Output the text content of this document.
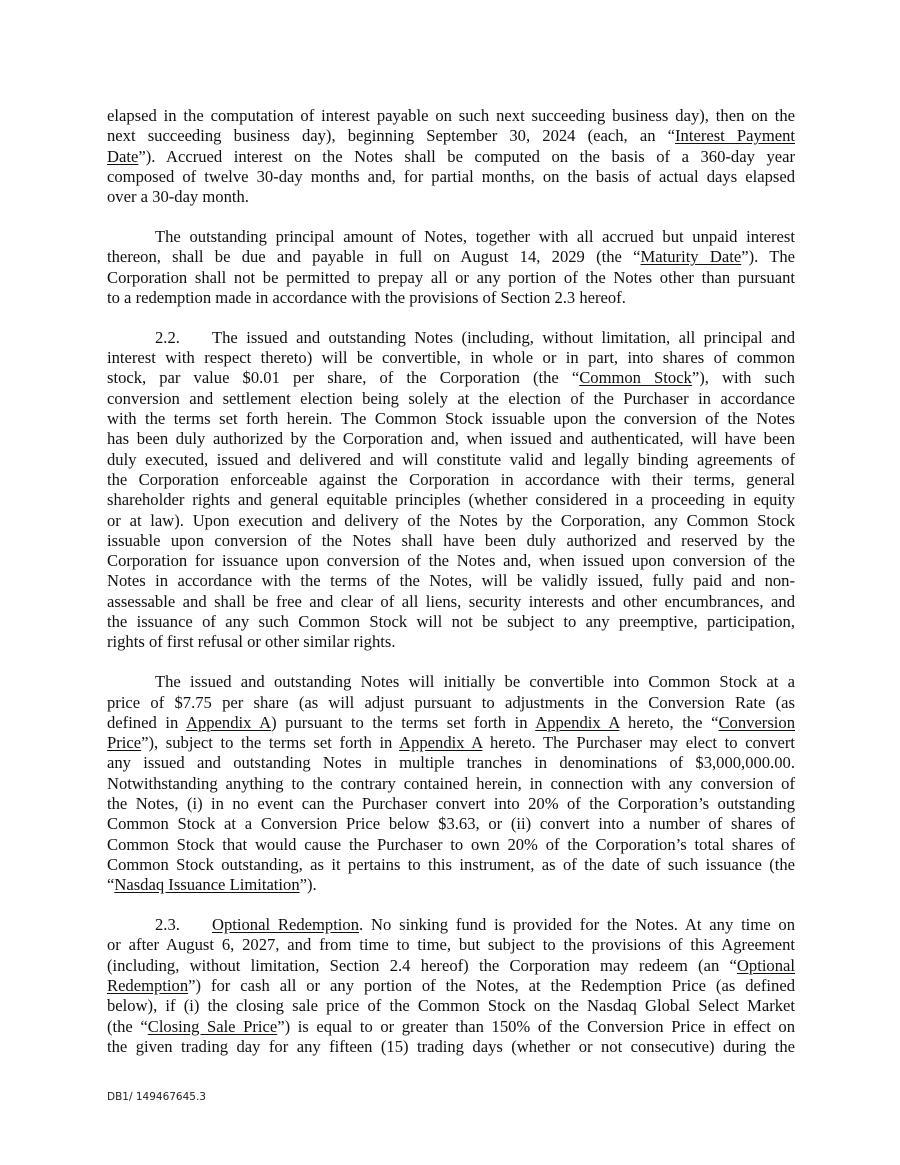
elapsed in the computation of interest payable on such next succeeding business day), then on the
next succeeding business day), beginning September 30, 2024 (each, an “Interest Payment
Date”). Accrued interest on the Notes shall be computed on the basis of a 360-day year
composed of twelve 30-day months and, for partial months, on the basis of actual days elapsed
over a 30-day month.
The outstanding principal amount of Notes, together with all accrued but unpaid interest
thereon, shall be due and payable in full on August 14, 2029 (the “Maturity Date”). The
Corporation shall not be permitted to prepay all or any portion of the Notes other than pursuant
to a redemption made in accordance with the provisions of Section 2.3 hereof.
2.2. The issued and outstanding Notes (including, without limitation, all principal and
interest with respect thereto) will be convertible, in whole or in part, into shares of common
stock, par value $0.01 per share, of the Corporation (the “Common Stock”), with such
conversion and settlement election being solely at the election of the Purchaser in accordance
with the terms set forth herein. The Common Stock issuable upon the conversion of the Notes
has been duly authorized by the Corporation and, when issued and authenticated, will have been
duly executed, issued and delivered and will constitute valid and legally binding agreements of
the Corporation enforceable against the Corporation in accordance with their terms, general
shareholder rights and general equitable principles (whether considered in a proceeding in equity
or at law). Upon execution and delivery of the Notes by the Corporation, any Common Stock
issuable upon conversion of the Notes shall have been duly authorized and reserved by the
Corporation for issuance upon conversion of the Notes and, when issued upon conversion of the
Notes in accordance with the terms of the Notes, will be validly issued, fully paid and non-
assessable and shall be free and clear of all liens, security interests and other encumbrances, and
the issuance of any such Common Stock will not be subject to any preemptive, participation,
rights of first refusal or other similar rights.
The issued and outstanding Notes will initially be convertible into Common Stock at a
price of $7.75 per share (as will adjust pursuant to adjustments in the Conversion Rate (as
defined in Appendix A) pursuant to the terms set forth in Appendix A hereto, the “Conversion
Price”), subject to the terms set forth in Appendix A hereto. The Purchaser may elect to convert
any issued and outstanding Notes in multiple tranches in denominations of $3,000,000.00.
Notwithstanding anything to the contrary contained herein, in connection with any conversion of
the Notes, (i) in no event can the Purchaser convert into 20% of the Corporation’s outstanding
Common Stock at a Conversion Price below $3.63, or (ii) convert into a number of shares of
Common Stock that would cause the Purchaser to own 20% of the Corporation’s total shares of
Common Stock outstanding, as it pertains to this instrument, as of the date of such issuance (the
“Nasdaq Issuance Limitation”).
2.3. Optional Redemption. No sinking fund is provided for the Notes. At any time on
or after August 6, 2027, and from time to time, but subject to the provisions of this Agreement
(including, without limitation, Section 2.4 hereof) the Corporation may redeem (an “Optional
Redemption”) for cash all or any portion of the Notes, at the Redemption Price (as defined
below), if (i) the closing sale price of the Common Stock on the Nasdaq Global Select Market
(the “Closing Sale Price”) is equal to or greater than 150% of the Conversion Price in effect on
the given trading day for any fifteen (15) trading days (whether or not consecutive) during the
DB1/ 149467645.3
